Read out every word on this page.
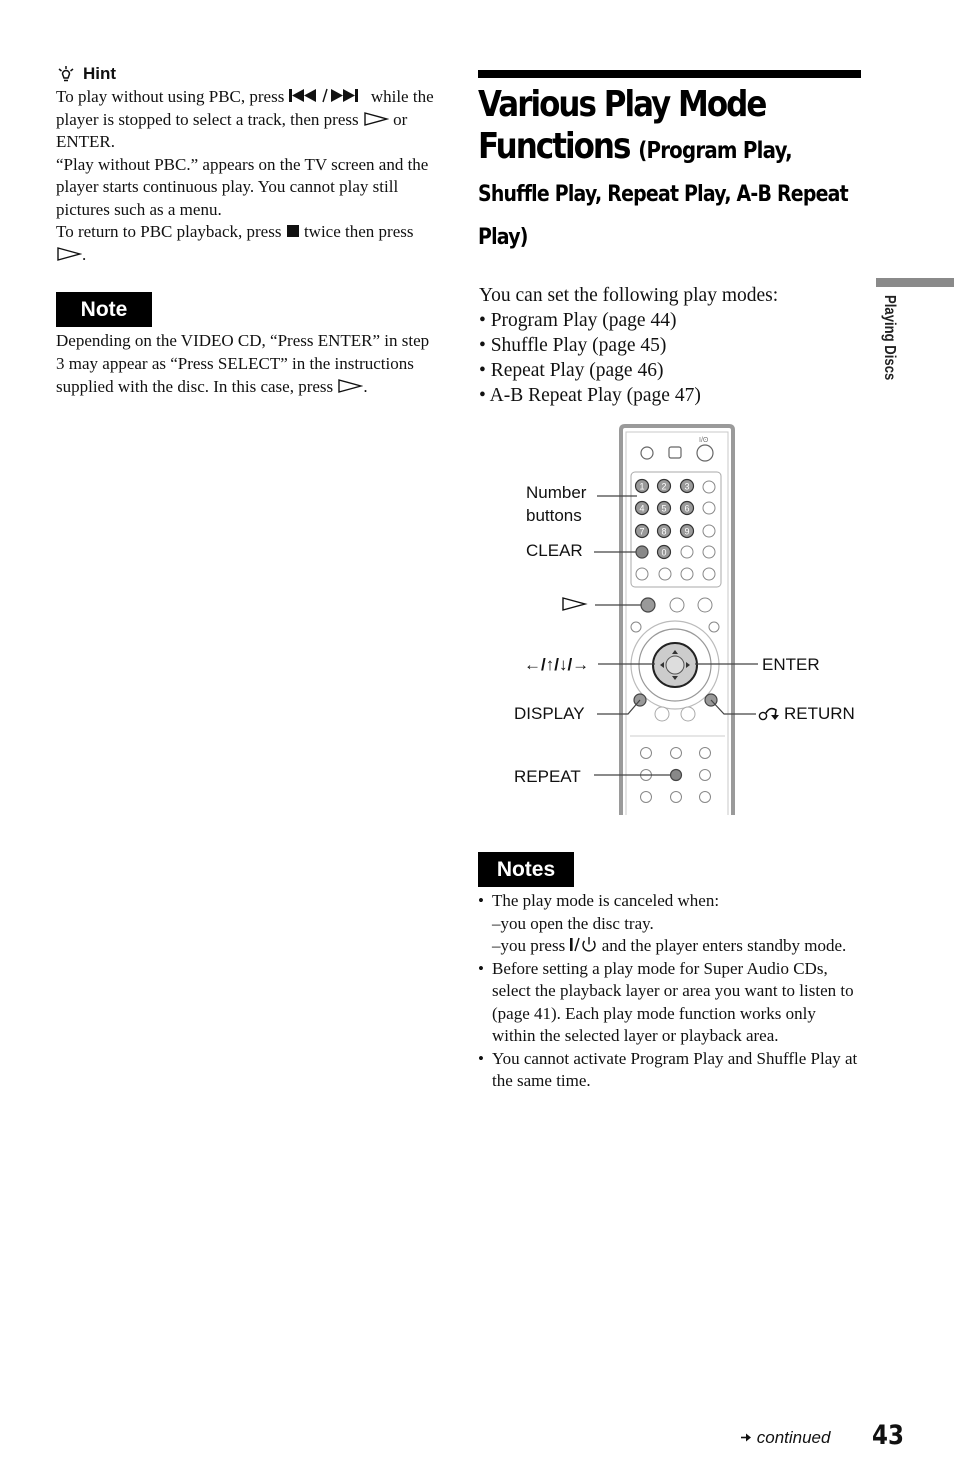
Hint
To play without using PBC, press	while the player is stopped to select a track, then press  or ENTER.
“Play without PBC.” appears on the TV screen and the player starts continuous play. You cannot play still pictures such as a menu.
To return to PBC playback, press  twice then press .
Note
Depending on the VIDEO CD, “Press ENTER” in step 3 may appear as “Press SELECT” in the instructions supplied with the disc. In this case, press .
Various Play Mode
Functions (Program Play,
Shuffle Play, Repeat Play, A-B Repeat
Play)
You can set the following play modes:
• Program Play (page 44)
• Shuffle Play (page 45)
• Repeat Play (page 46)
• A-B Repeat Play (page 47)
I/ʘ
1 2 3
4 5 6
7 8 9
0
Number
buttons
CLEAR
←/↑/↓/→	ENTER
DISPLAY	RETURN
REPEAT
Notes
• The play mode is canceled when:
–you open the disc tray.
–you press  and the player enters standby mode.
• Before setting a play mode for Super Audio CDs, select the playback layer or area you want to listen to (page 41). Each play mode function works only within the selected layer or playback area.
• You cannot activate Program Play and Shuffle Play at the same time.
Playing Discs
continued 43
